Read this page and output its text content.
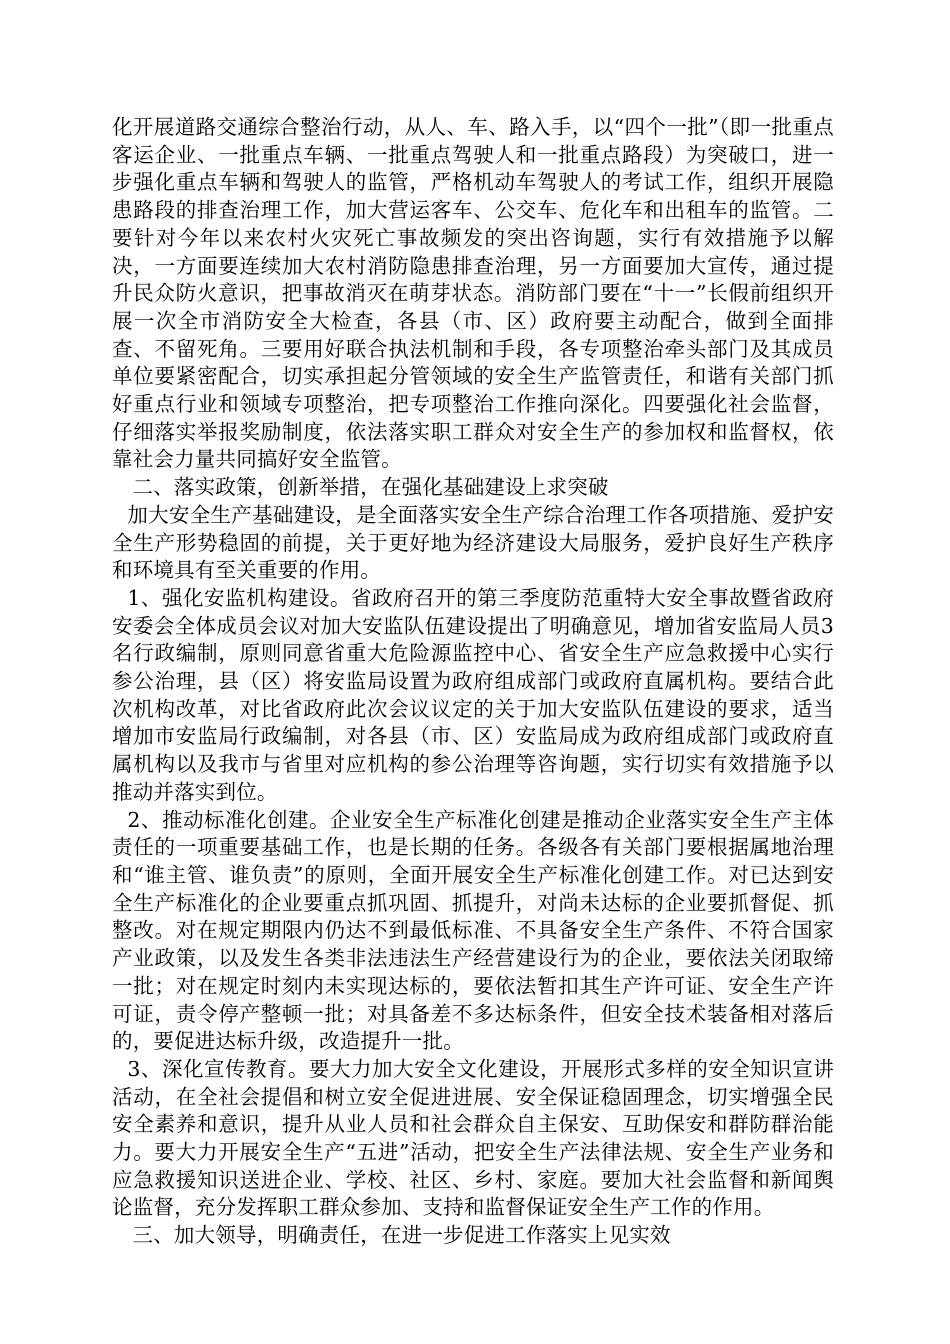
化开展道路交通综合整治行动，从人、车、路入手，以“四个一批”（即一批重点客运企业、一批重点车辆、一批重点驾驶人和一批重点路段）为突破口，进一步强化重点车辆和驾驶人的监管，严格机动车驾驶人的考试工作，组织开展隐患路段的排查治理工作，加大营运客车、公交车、危化车和出租车的监管。二要针对今年以来农村火灾死亡事故频发的突出咨询题，实行有效措施予以解决，一方面要连续加大农村消防隐患排查治理，另一方面要加大宣传，通过提升民众防火意识，把事故消灭在萌芽状态。消防部门要在“十一”长假前组织开展一次全市消防安全大检查，各县（市、区）政府要主动配合，做到全面排查、不留死角。三要用好联合执法机制和手段，各专项整治牵头部门及其成员单位要紧密配合，切实承担起分管领域的安全生产监管责任，和谐有关部门抓好重点行业和领域专项整治，把专项整治工作推向深化。四要强化社会监督，仔细落实举报奖励制度，依法落实职工群众对安全生产的参加权和监督权，依靠社会力量共同搞好安全监管。

二、落实政策，创新举措，在强化基础建设上求突破

加大安全生产基础建设，是全面落实安全生产综合治理工作各项措施、爱护安全生产形势稳固的前提，关于更好地为经济建设大局服务，爱护良好生产秩序和环境具有至关重要的作用。

1、强化安监机构建设。省政府召开的第三季度防范重特大安全事故暨省政府安委会全体成员会议对加大安监队伍建设提出了明确意见，增加省安监局人员3名行政编制，原则同意省重大危险源监控中心、省安全生产应急救援中心实行参公治理，县（区）将安监局设置为政府组成部门或政府直属机构。要结合此次机构改革，对比省政府此次会议议定的关于加大安监队伍建设的要求，适当增加市安监局行政编制，对各县（市、区）安监局成为政府组成部门或政府直属机构以及我市与省里对应机构的参公治理等咨询题，实行切实有效措施予以推动并落实到位。

2、推动标准化创建。企业安全生产标准化创建是推动企业落实安全生产主体责任的一项重要基础工作，也是长期的任务。各级各有关部门要根据属地治理和“谁主管、谁负责”的原则，全面开展安全生产标准化创建工作。对已达到安全生产标准化的企业要重点抓巩固、抓提升，对尚未达标的企业要抓督促、抓整改。对在规定期限内仍达不到最低标准、不具备安全生产条件、不符合国家产业政策，以及发生各类非法违法生产经营建设行为的企业，要依法关闭取缔一批；对在规定时刻内未实现达标的，要依法暂扣其生产许可证、安全生产许可证，责令停产整顿一批；对具备差不多达标条件，但安全技术装备相对落后的，要促进达标升级，改造提升一批。

3、深化宣传教育。要大力加大安全文化建设，开展形式多样的安全知识宣讲活动，在全社会提倡和树立安全促进进展、安全保证稳固理念，切实增强全民安全素养和意识，提升从业人员和社会群众自主保安、互助保安和群防群治能力。要大力开展安全生产“五进”活动，把安全生产法律法规、安全生产业务和应急救援知识送进企业、学校、社区、乡村、家庭。要加大社会监督和新闻舆论监督，充分发挥职工群众参加、支持和监督保证安全生产工作的作用。

三、加大领导，明确责任，在进一步促进工作落实上见实效
